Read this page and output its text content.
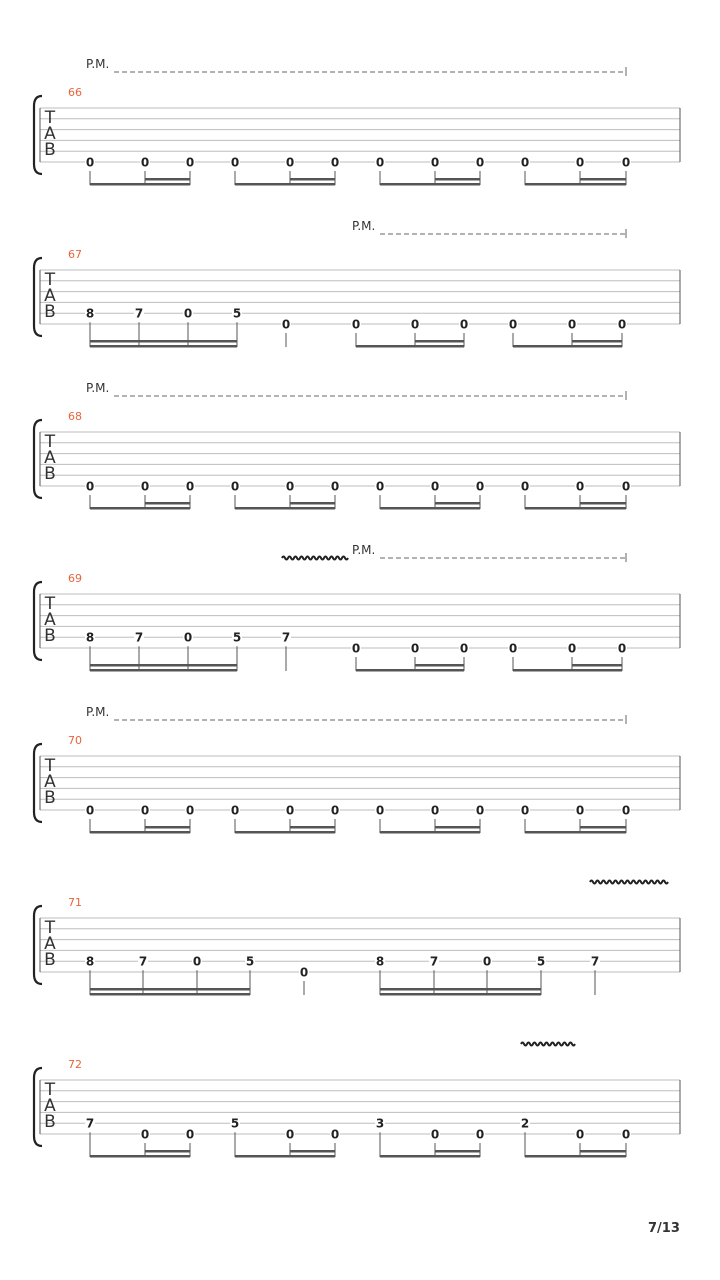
T
A
B
66
P.M.
0	0	0	0	0	0	0	0	0	0	0	0
T
A
B
67
P.M.
8	7	0	5
0	0	0	0	0	0	0
T
A
B
68
P.M.
0	0	0	0	0	0	0	0	0	0	0	0
T
A
B
69
P.M.
8	7	0	5	7
0	0	0	0	0	0
T
A
B
70
P.M.
0	0	0	0	0	0	0	0	0	0	0	0
T
A
B
71
8	7	0	5
0
8	7	0	5	7
T
A
B
72
7
0	0
5
0	0
3
0	0
2
0	0
7/13
